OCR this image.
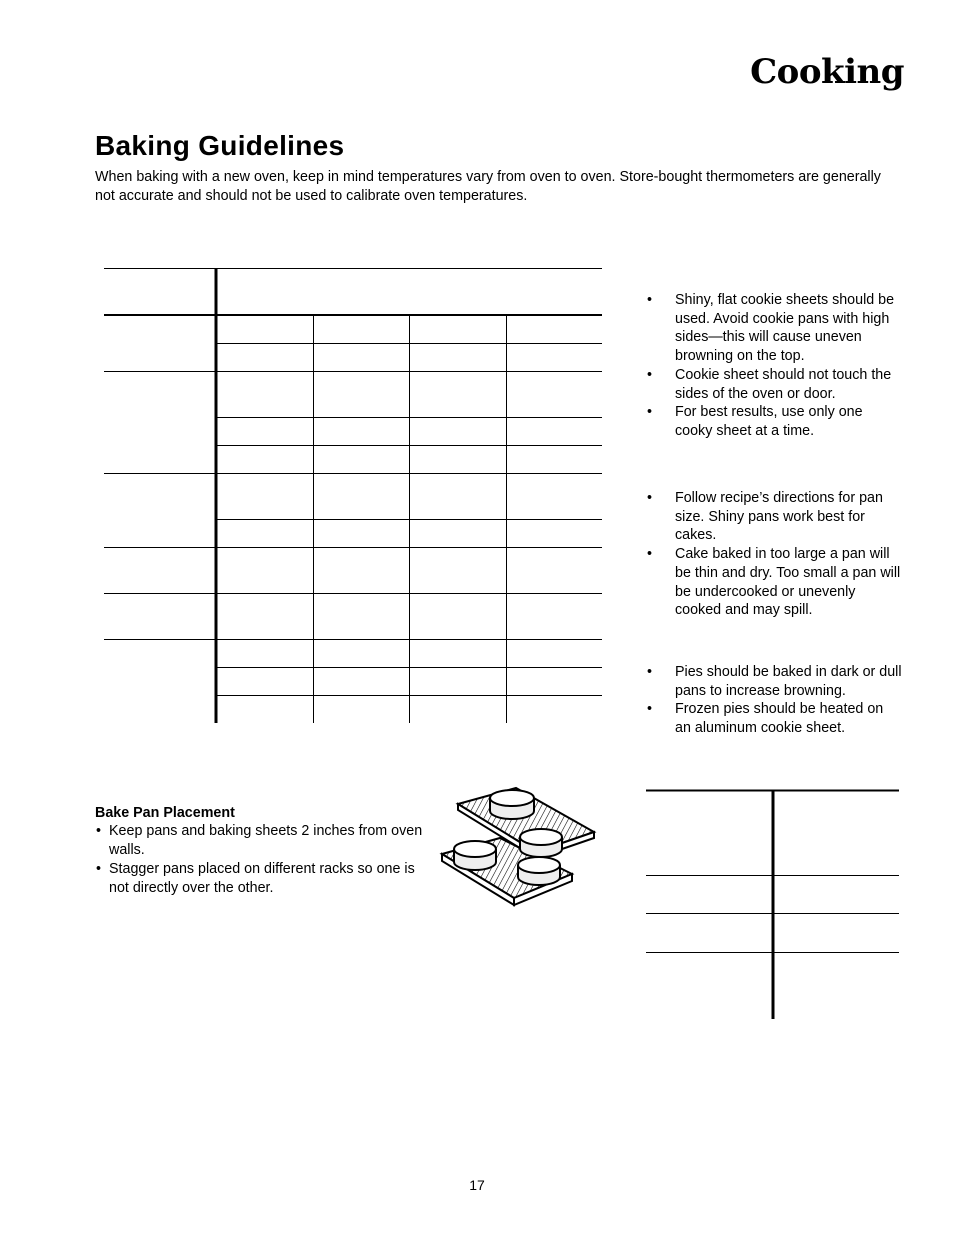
Cooking
Baking Guidelines
When baking with a new oven, keep in mind temperatures vary from oven to oven. Store-bought thermometers are generally not accurate and should not be used to calibrate oven temperatures.
• Shiny, flat cookie sheets should be used. Avoid cookie pans with high sides—this will cause uneven browning on the top.
• Cookie sheet should not touch the sides of the oven or door.
• For best results, use only one cooky sheet at a time.
• Follow recipe’s directions for pan size. Shiny pans work best for cakes.
• Cake baked in too large a pan will be thin and dry. Too small a pan will be undercooked or unevenly cooked and may spill.
• Pies should be baked in dark or dull pans to increase browning.
• Frozen pies should be heated on an aluminum cookie sheet.
Bake Pan Placement
• Keep pans and baking sheets 2 inches from oven walls.
• Stagger pans placed on different racks so one is not directly over the other.
17
